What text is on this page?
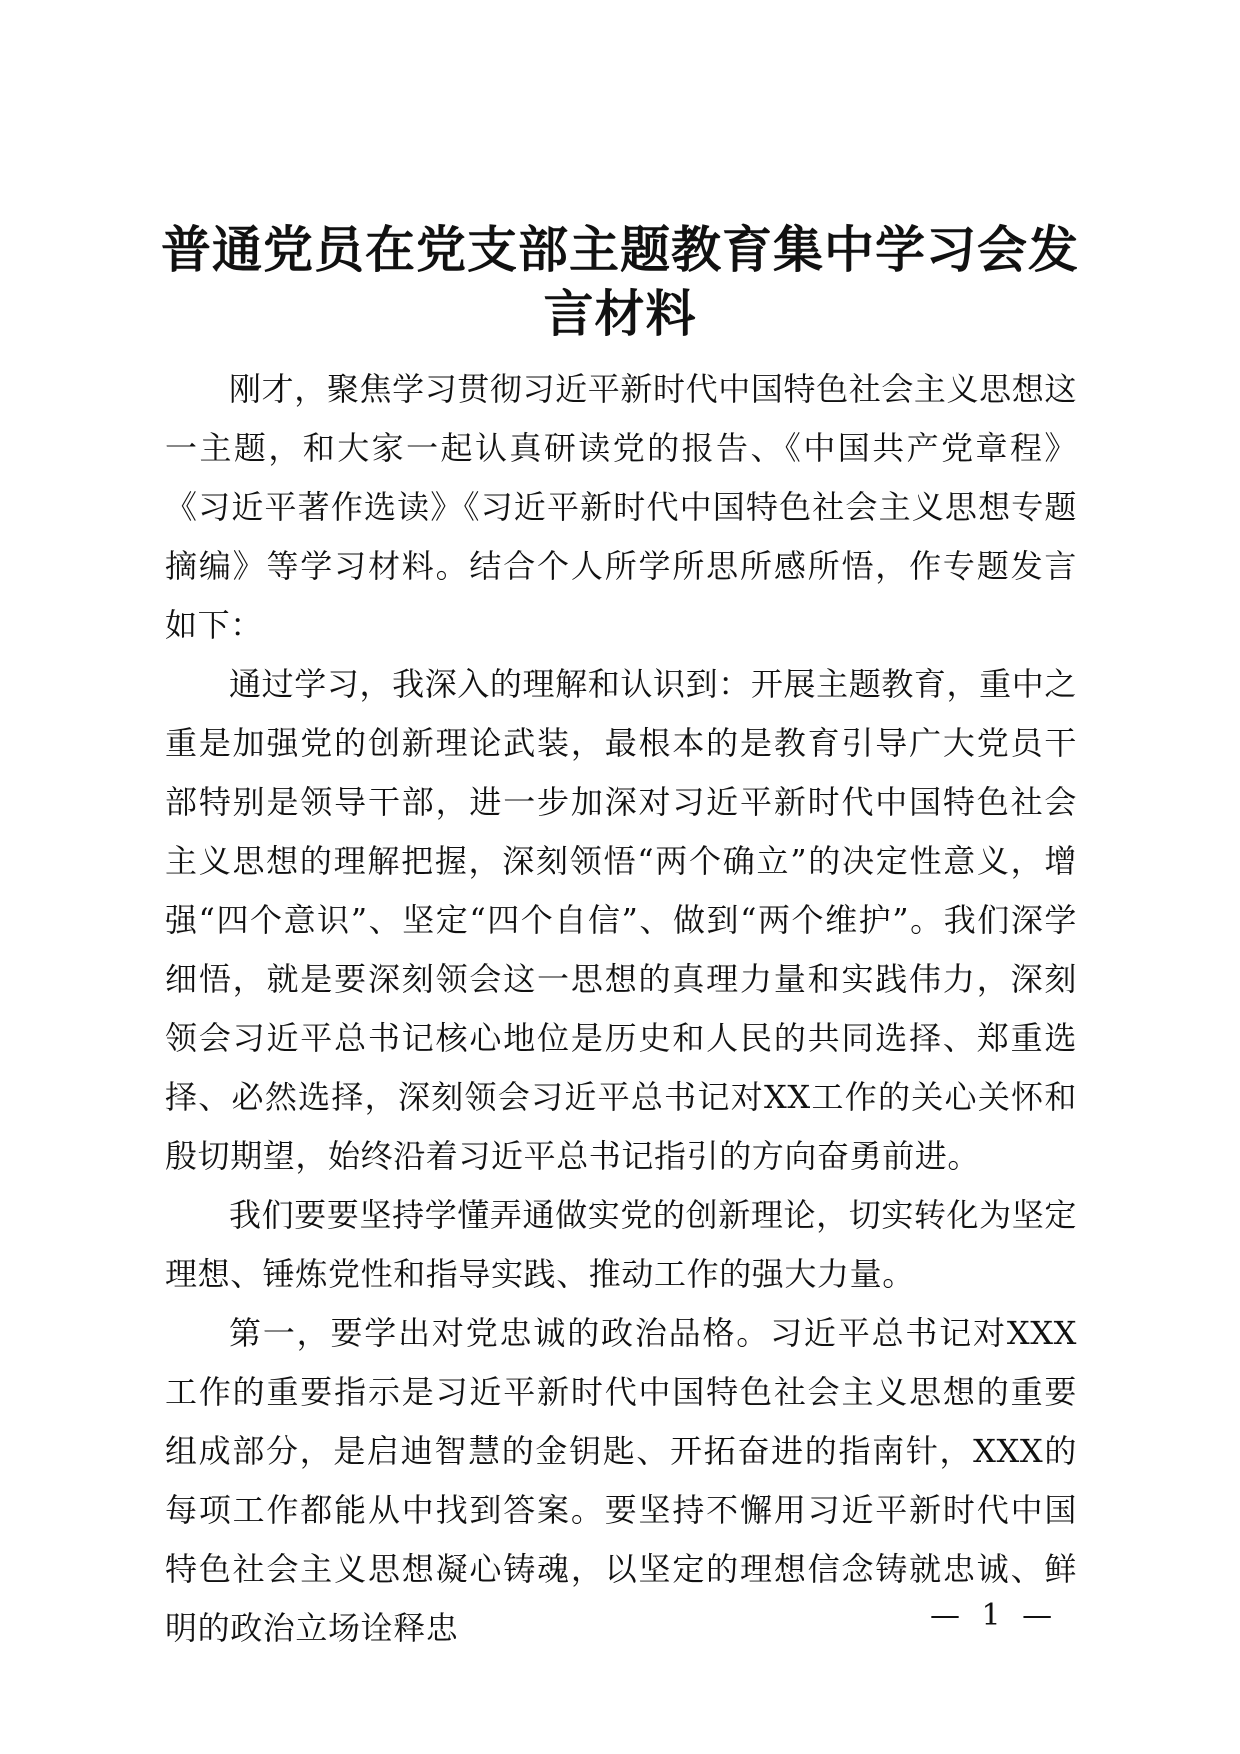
普通党员在党支部主题教育集中学习会发言材料

刚才，聚焦学习贯彻习近平新时代中国特色社会主义思想这一主题，和大家一起认真研读党的报告、《中国共产党章程》《习近平著作选读》《习近平新时代中国特色社会主义思想专题摘编》等学习材料。结合个人所学所思所感所悟，作专题发言如下：

通过学习，我深入的理解和认识到：开展主题教育，重中之重是加强党的创新理论武装，最根本的是教育引导广大党员干部特别是领导干部，进一步加深对习近平新时代中国特色社会主义思想的理解把握，深刻领悟“两个确立”的决定性意义，增强“四个意识”、坚定“四个自信”、做到“两个维护”。我们深学细悟，就是要深刻领会这一思想的真理力量和实践伟力，深刻领会习近平总书记核心地位是历史和人民的共同选择、郑重选择、必然选择，深刻领会习近平总书记对XX工作的关心关怀和殷切期望，始终沿着习近平总书记指引的方向奋勇前进。

我们要要坚持学懂弄通做实党的创新理论，切实转化为坚定理想、锤炼党性和指导实践、推动工作的强大力量。

第一，要学出对党忠诚的政治品格。习近平总书记对XXX工作的重要指示是习近平新时代中国特色社会主义思想的重要组成部分，是启迪智慧的金钥匙、开拓奋进的指南针，XXX的每项工作都能从中找到答案。要坚持不懈用习近平新时代中国特色社会主义思想凝心铸魂，以坚定的理想信念铸就忠诚、鲜明的政治立场诠释忠	— 1 —
